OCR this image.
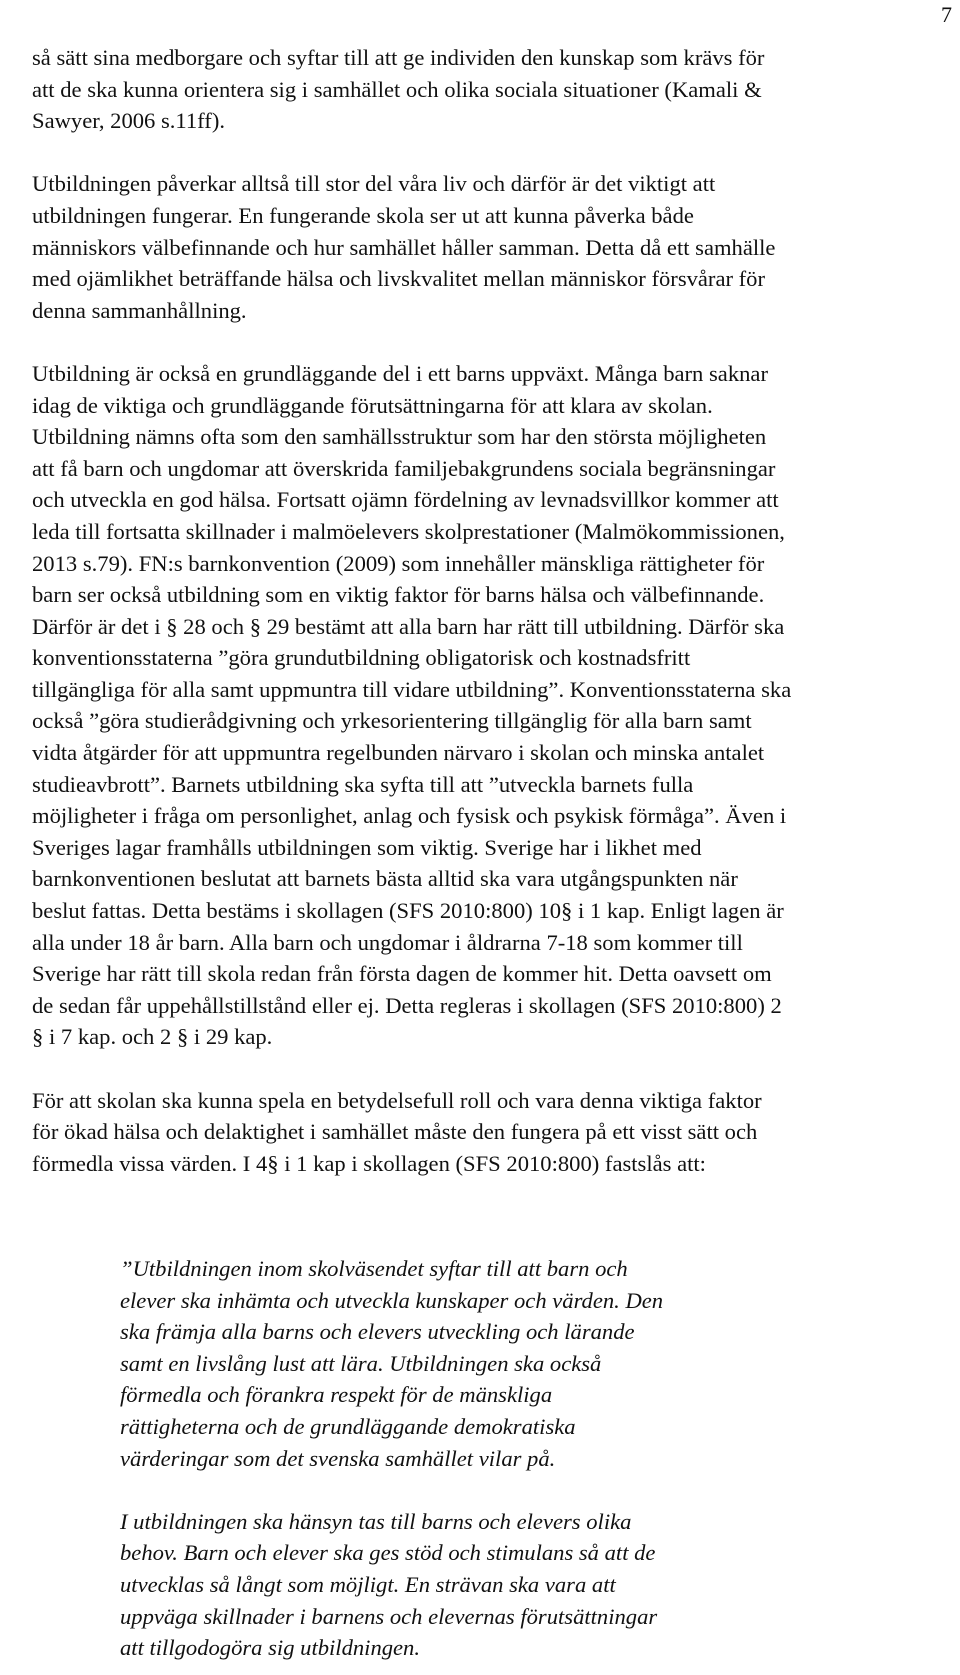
7

så sätt sina medborgare och syftar till att ge individen den kunskap som krävs för
att de ska kunna orientera sig i samhället och olika sociala situationer (Kamali &
Sawyer, 2006 s.11ff).

Utbildningen påverkar alltså till stor del våra liv och därför är det viktigt att
utbildningen fungerar. En fungerande skola ser ut att kunna påverka både
människors välbefinnande och hur samhället håller samman. Detta då ett samhälle
med ojämlikhet beträffande hälsa och livskvalitet mellan människor försvårar för
denna sammanhållning.

Utbildning är också en grundläggande del i ett barns uppväxt. Många barn saknar
idag de viktiga och grundläggande förutsättningarna för att klara av skolan.
Utbildning nämns ofta som den samhällsstruktur som har den största möjligheten
att få barn och ungdomar att överskrida familjebakgrundens sociala begränsningar
och utveckla en god hälsa. Fortsatt ojämn fördelning av levnadsvillkor kommer att
leda till fortsatta skillnader i malmöelevers skolprestationer (Malmökommissionen,
2013 s.79). FN:s barnkonvention (2009) som innehåller mänskliga rättigheter för
barn ser också utbildning som en viktig faktor för barns hälsa och välbefinnande.
Därför är det i § 28 och § 29 bestämt att alla barn har rätt till utbildning. Därför ska
konventionsstaterna ”göra grundutbildning obligatorisk och kostnadsfritt
tillgängliga för alla samt uppmuntra till vidare utbildning”. Konventionsstaterna ska
också ”göra studierådgivning och yrkesorientering tillgänglig för alla barn samt
vidta åtgärder för att uppmuntra regelbunden närvaro i skolan och minska antalet
studieavbrott”. Barnets utbildning ska syfta till att ”utveckla barnets fulla
möjligheter i fråga om personlighet, anlag och fysisk och psykisk förmåga”. Även i
Sveriges lagar framhålls utbildningen som viktig. Sverige har i likhet med
barnkonventionen beslutat att barnets bästa alltid ska vara utgångspunkten när
beslut fattas. Detta bestäms i skollagen (SFS 2010:800) 10§ i 1 kap. Enligt lagen är
alla under 18 år barn. Alla barn och ungdomar i åldrarna 7-18 som kommer till
Sverige har rätt till skola redan från första dagen de kommer hit. Detta oavsett om
de sedan får uppehållstillstånd eller ej. Detta regleras i skollagen (SFS 2010:800) 2
§ i 7 kap. och 2 § i 29 kap.

För att skolan ska kunna spela en betydelsefull roll och vara denna viktiga faktor
för ökad hälsa och delaktighet i samhället måste den fungera på ett visst sätt och
förmedla vissa värden. I 4§ i 1 kap i skollagen (SFS 2010:800) fastslås att:

”Utbildningen inom skolväsendet syftar till att barn och
elever ska inhämta och utveckla kunskaper och värden. Den
ska främja alla barns och elevers utveckling och lärande
samt en livslång lust att lära. Utbildningen ska också
förmedla och förankra respekt för de mänskliga
rättigheterna och de grundläggande demokratiska
värderingar som det svenska samhället vilar på.

I utbildningen ska hänsyn tas till barns och elevers olika
behov. Barn och elever ska ges stöd och stimulans så att de
utvecklas så långt som möjligt. En strävan ska vara att
uppväga skillnader i barnens och elevernas förutsättningar
att tillgodogöra sig utbildningen.
